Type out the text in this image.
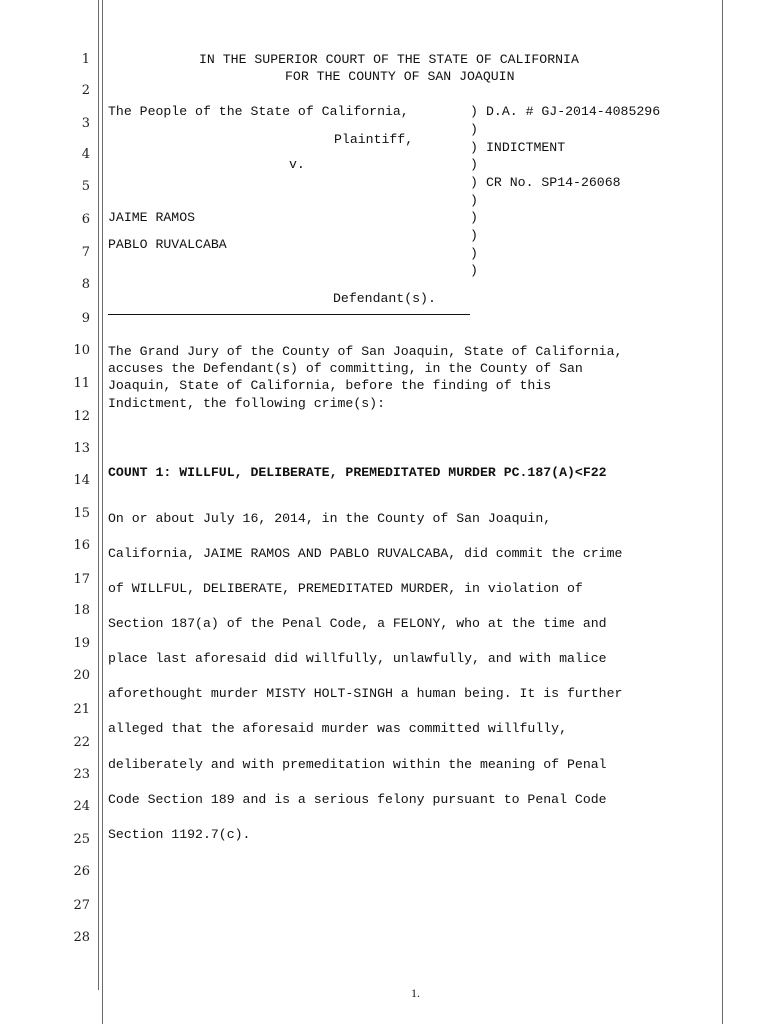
1
2
3
4
5
6
7
8
9
10
11
12
13
14
15
16
17
18
19
20
21
22
23
24
25
26
27
28
IN THE SUPERIOR COURT OF THE STATE OF CALIFORNIA
FOR THE COUNTY OF SAN JOAQUIN
The People of the State of California,
Plaintiff,
v.
JAIME RAMOS
PABLO RUVALCABA
Defendant(s).
)
)
)
)
)
)
)
)
)
)
D.A. # GJ-2014-4085296
INDICTMENT
CR No. SP14-26068
The Grand Jury of the County of San Joaquin, State of California,
accuses the Defendant(s) of committing, in the County of San
Joaquin, State of California, before the finding of this
Indictment, the following crime(s):
COUNT 1: WILLFUL, DELIBERATE, PREMEDITATED MURDER PC.187(A)<F22
On or about July 16, 2014, in the County of San Joaquin,
California, JAIME RAMOS AND PABLO RUVALCABA, did commit the crime
of WILLFUL, DELIBERATE, PREMEDITATED MURDER, in violation of
Section 187(a) of the Penal Code, a FELONY, who at the time and
place last aforesaid did willfully, unlawfully, and with malice
aforethought murder MISTY HOLT-SINGH a human being. It is further
alleged that the aforesaid murder was committed willfully,
deliberately and with premeditation within the meaning of Penal
Code Section 189 and is a serious felony pursuant to Penal Code
Section 1192.7(c).
1.
